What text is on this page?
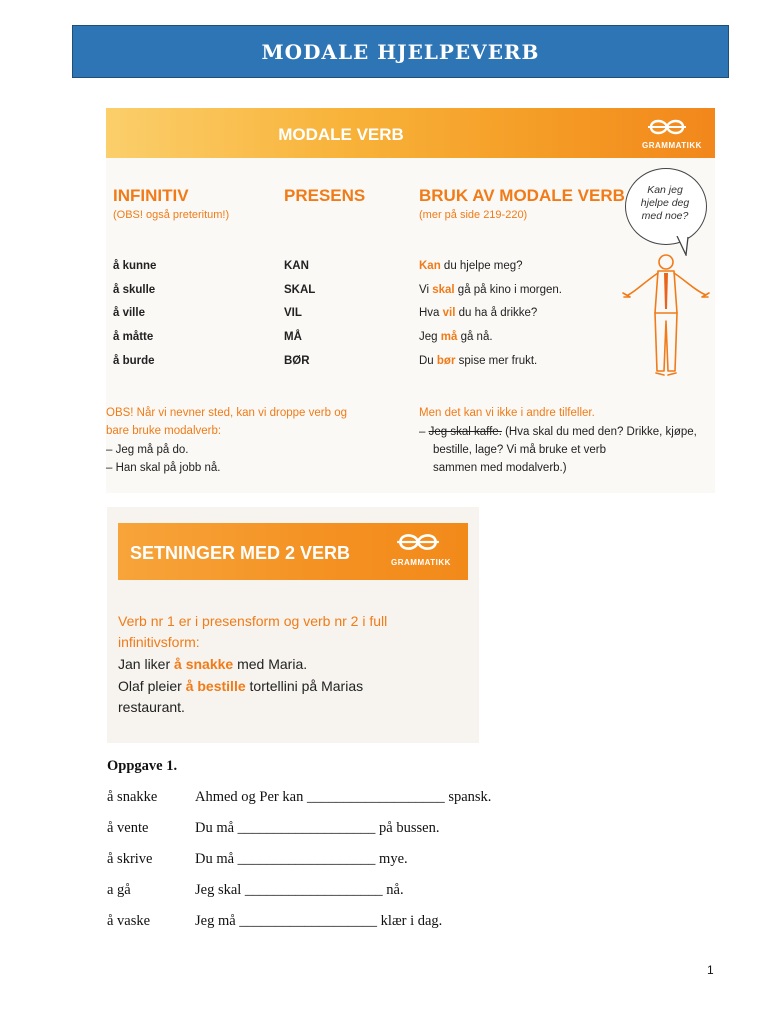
MODALE HJELPEVERB
MODALE VERB
GRAMMATIKK
INFINITIV
(OBS! også preteritum!)
PRESENS	BRUK AV MODALE VERB
(mer på side 219-220)
å kunne	KAN	Kan du hjelpe meg?
å skulle	SKAL	Vi skal gå på kino i morgen.
å ville	VIL	Hva vil du ha å drikke?
å måtte	MÅ	Jeg må gå nå.
å burde	BØR	Du bør spise mer frukt.
OBS! Når vi nevner sted, kan vi droppe verb og
bare bruke modalverb:
– Jeg må på do.
– Han skal på jobb nå.
Men det kan vi ikke i andre tilfeller.
– Jeg skal kaffe. (Hva skal du med den? Drikke, kjøpe,
bestille, lage? Vi må bruke et verb
sammen med modalverb.)
Kan jeg
hjelpe deg
med noe?
SETNINGER MED 2 VERB	GRAMMATIKK
Verb nr 1 er i presensform og verb nr 2 i full
infinitivsform:
Jan liker å snakke med Maria.
Olaf pleier å bestille tortellini på Marias
restaurant.
Oppgave 1.
å snakke	Ahmed og Per kan ___________________ spansk.
å vente	Du må ___________________ på bussen.
å skrive	Du må ___________________ mye.
a gå	Jeg skal ___________________ nå.
å vaske	Jeg må ___________________ klær i dag.
1
